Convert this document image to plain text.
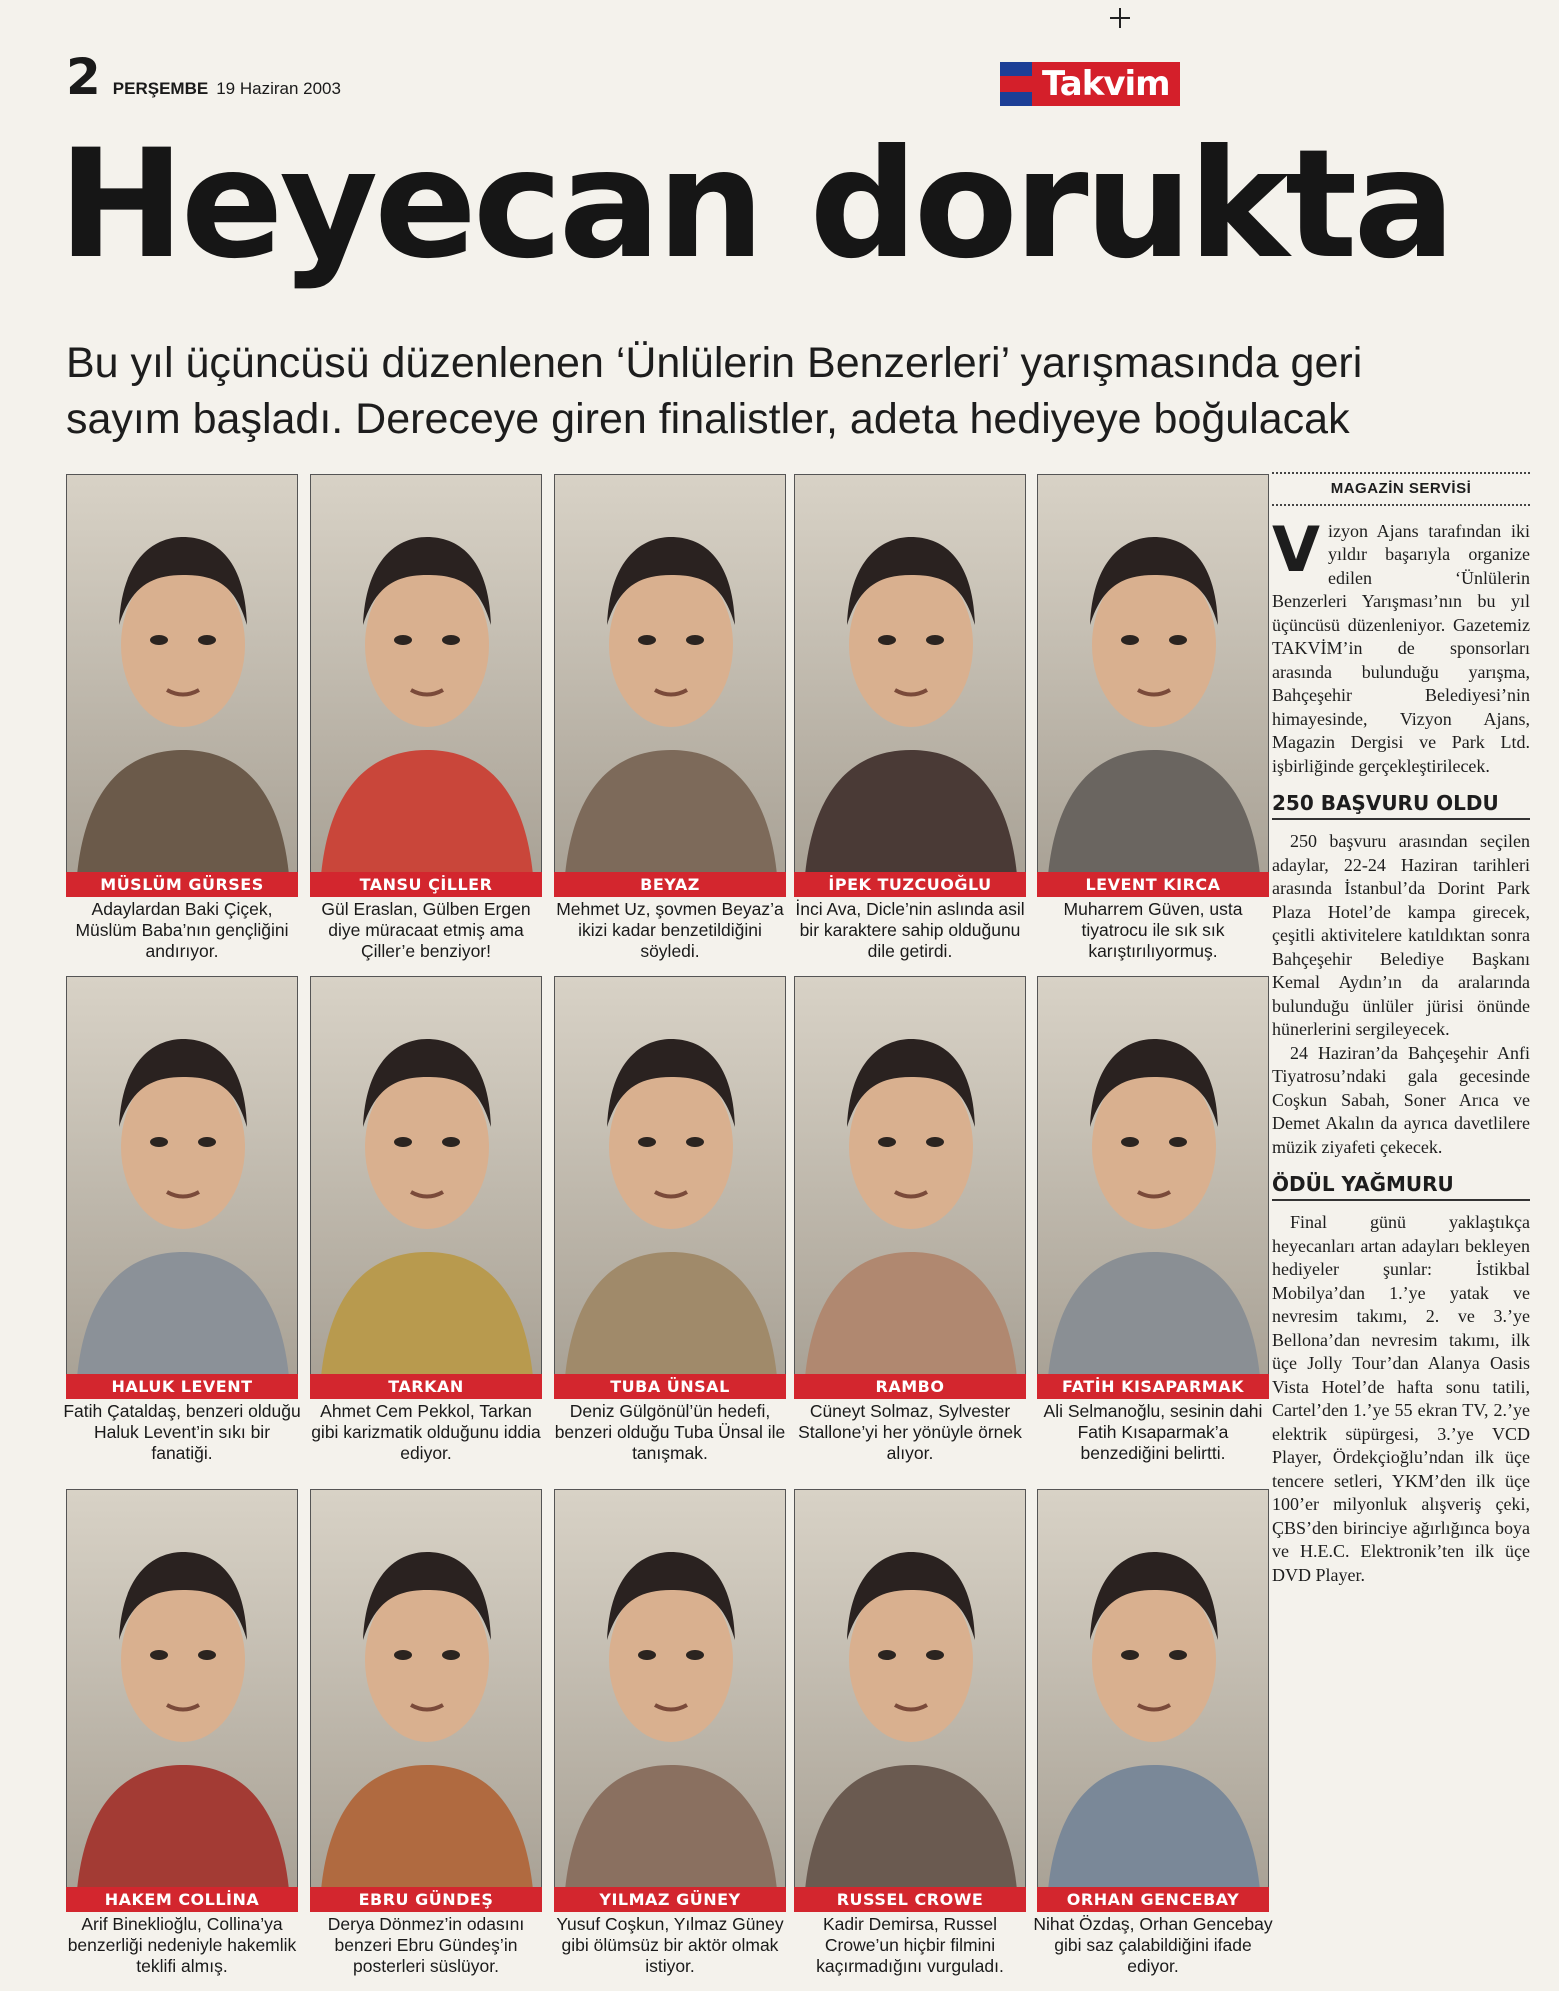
2 PERŞEMBE 19 Haziran 2003	Takvim
Heyecan dorukta
Bu yıl üçüncüsü düzenlenen ‘Ünlülerin Benzerleri’ yarışmasında geri
sayım başladı. Dereceye giren finalistler, adeta hediyeye boğulacak
MÜSLÜM GÜRSES
Adaylardan Baki Çiçek, Müslüm Baba’nın gençliğini andırıyor.
TANSU ÇİLLER
Gül Eraslan, Gülben Ergen diye müracaat etmiş ama Çiller’e benziyor!
BEYAZ
Mehmet Uz, şovmen Beyaz’a ikizi kadar benzetildiğini söyledi.
İPEK TUZCUOĞLU
İnci Ava, Dicle’nin aslında asil bir karaktere sahip olduğunu dile getirdi.
LEVENT KIRCA
Muharrem Güven, usta tiyatrocu ile sık sık karıştırılıyormuş.
HALUK LEVENT
Fatih Çataldaş, benzeri olduğu Haluk Levent’in sıkı bir fanatiği.
TARKAN
Ahmet Cem Pekkol, Tarkan gibi karizmatik olduğunu iddia ediyor.
TUBA ÜNSAL
Deniz Gülgönül’ün hedefi, benzeri olduğu Tuba Ünsal ile tanışmak.
RAMBO
Cüneyt Solmaz, Sylvester Stallone’yi her yönüyle örnek alıyor.
FATİH KISAPARMAK
Ali Selmanoğlu, sesinin dahi Fatih Kısaparmak’a benzediğini belirtti.
HAKEM COLLİNA
Arif Bineklioğlu, Collina’ya benzerliği nedeniyle hakemlik teklifi almış.
EBRU GÜNDEŞ
Derya Dönmez’in odasını benzeri Ebru Gündeş’in posterleri süslüyor.
YILMAZ GÜNEY
Yusuf Coşkun, Yılmaz Güney gibi ölümsüz bir aktör olmak istiyor.
RUSSEL CROWE
Kadir Demirsa, Russel Crowe’un hiçbir filmini kaçırmadığını vurguladı.
ORHAN GENCEBAY
Nihat Özdaş, Orhan Gencebay gibi saz çalabildiğini ifade ediyor.
MAGAZİN SERVİSİ

Vizyon Ajans tarafından iki yıldır başarıyla organize edilen ‘Ünlülerin Benzerleri Yarışması’nın bu yıl üçüncüsü düzenleniyor. Gazetemiz TAKVİM’in de sponsorları arasında bulunduğu yarışma, Bahçeşehir Belediyesi’nin himayesinde, Vizyon Ajans, Magazin Dergisi ve Park Ltd. işbirliğinde gerçekleştirilecek.

250 BAŞVURU OLDU

250 başvuru arasından seçilen adaylar, 22-24 Haziran tarihleri arasında İstanbul’da Dorint Park Plaza Hotel’de kampa girecek, çeşitli aktivitelere katıldıktan sonra Bahçeşehir Belediye Başkanı Kemal Aydın’ın da aralarında bulunduğu ünlüler jürisi önünde hünerlerini sergileyecek.

24 Haziran’da Bahçeşehir Anfi Tiyatrosu’ndaki gala gecesinde Coşkun Sabah, Soner Arıca ve Demet Akalın da ayrıca davetlilere müzik ziyafeti çekecek.

ÖDÜL YAĞMURU

Final günü yaklaştıkça heyecanları artan adayları bekleyen hediyeler şunlar: İstikbal Mobilya’dan 1.’ye yatak ve nevresim takımı, 2. ve 3.’ye Bellona’dan nevresim takımı, ilk üçe Jolly Tour’dan Alanya Oasis Vista Hotel’de hafta sonu tatili, Cartel’den 1.’ye 55 ekran TV, 2.’ye elektrik süpürgesi, 3.’ye VCD Player, Ördekçioğlu’ndan ilk üçe tencere setleri, YKM’den ilk üçe 100’er milyonluk alışveriş çeki, ÇBS’den birinciye ağırlığınca boya ve H.E.C. Elektronik’ten ilk üçe DVD Player.
